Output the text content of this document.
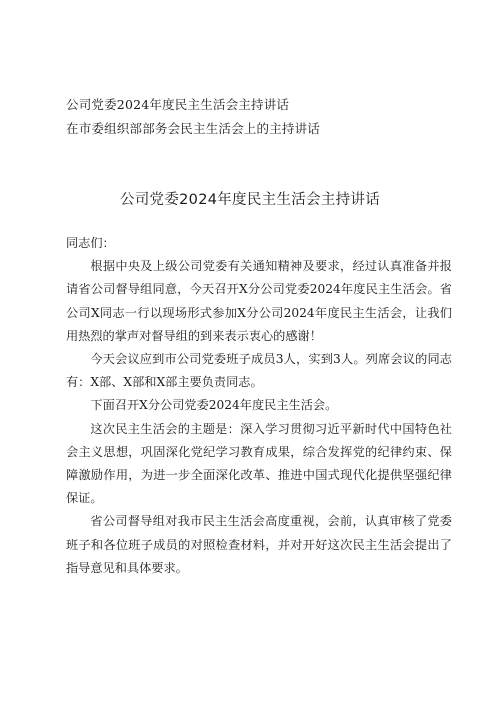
公司党委2024年度民主生活会主持讲话
在市委组织部部务会民主生活会上的主持讲话
公司党委2024年度民主生活会主持讲话

同志们：

根据中央及上级公司党委有关通知精神及要求，经过认真准备并报请省公司督导组同意，今天召开X分公司党委2024年度民主生活会。省公司X同志一行以现场形式参加X分公司2024年度民主生活会，让我们用热烈的掌声对督导组的到来表示衷心的感谢！

今天会议应到市公司党委班子成员3人，实到3人。列席会议的同志有：X部、X部和X部主要负责同志。

下面召开X分公司党委2024年度民主生活会。

这次民主生活会的主题是：深入学习贯彻习近平新时代中国特色社会主义思想，巩固深化党纪学习教育成果，综合发挥党的纪律约束、保障激励作用，为进一步全面深化改革、推进中国式现代化提供坚强纪律保证。

省公司督导组对我市民主生活会高度重视，会前，认真审核了党委班子和各位班子成员的对照检查材料，并对开好这次民主生活会提出了指导意见和具体要求。
